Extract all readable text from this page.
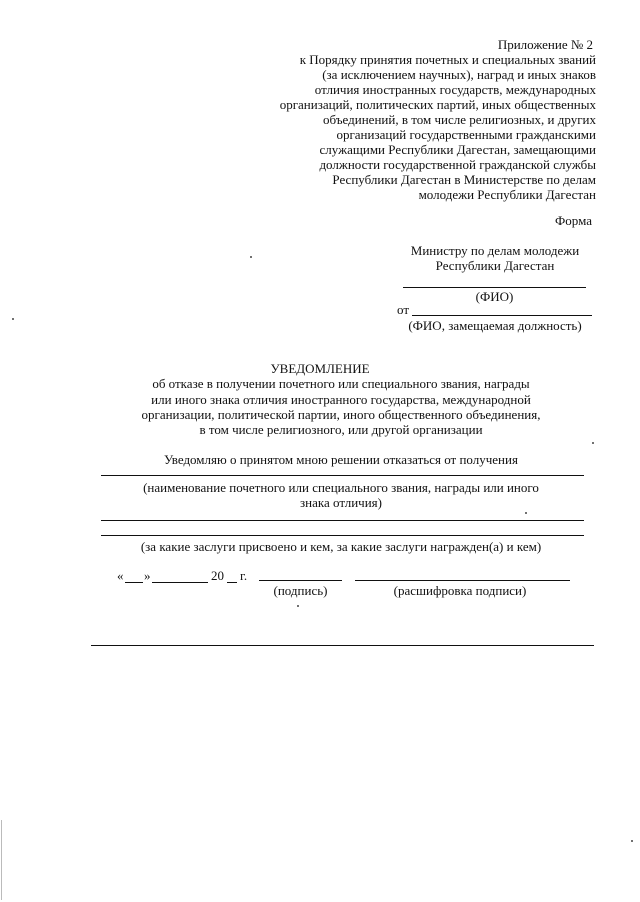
Приложение № 2
к Порядку принятия почетных и специальных званий
(за исключением научных), наград и иных знаков
отличия иностранных государств, международных
организаций, политических партий, иных общественных
объединений, в том числе религиозных, и других
организаций государственными гражданскими
служащими Республики Дагестан, замещающими
должности государственной гражданской службы
Республики Дагестан в Министерстве по делам
молодежи Республики Дагестан
Форма
Министру по делам молодежи
Республики Дагестан
(ФИО)
от
(ФИО, замещаемая должность)
УВЕДОМЛЕНИЕ
об отказе в получении почетного или специального звания, награды
или иного знака отличия иностранного государства, международной
организации, политической партии, иного общественного объединения,
в том числе религиозного, или другой организации
Уведомляю о принятом мною решении отказаться от получения
(наименование почетного или специального звания, награды или иного
знака отличия)
(за какие заслуги присвоено и кем, за какие заслуги награжден(а) и кем)
« »	20 г.
(подпись)	(расшифровка подписи)
